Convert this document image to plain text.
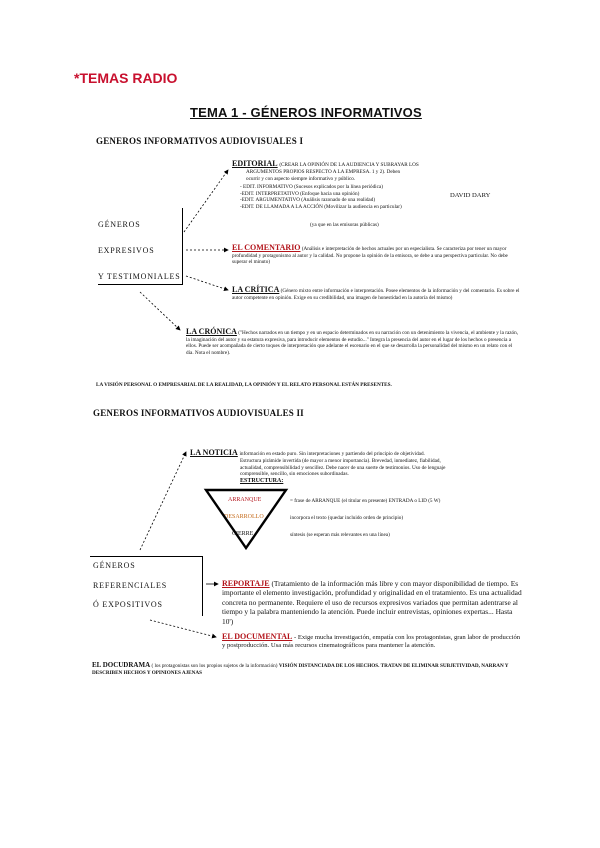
*TEMAS RADIO
TEMA 1 - GÉNEROS INFORMATIVOS
GENEROS INFORMATIVOS AUDIOVISUALES I
GÉNEROS
EXPRESIVOS
Y TESTIMONIALES
EDITORIAL (CREAR LA OPINIÓN DE LA AUDIENCIA Y SUBRAYAR LOS
ARGUMENTOS PROPIOS RESPECTO A LA EMPRESA. 1 y 2). Deben
ocurrir y con aspecto siempre informativo y público.
- EDIT. INFORMATIVO (Sucesos explicados por la línea periódica)
-EDIT. INTERPRETATIVO (Enfoque hacia una opinión)
-EDIT. ARGUMENTATIVO (Análisis razonado de una realidad)
-EDIT. DE LLAMADA A LA ACCIÓN (Movilizar la audiencia en particular)
DAVID DARY
(ya que en las emisoras públicas)
EL COMENTARIO (Análisis e interpretación de hechos actuales por un especialista. Se caracteriza por tener un mayor profundidad y protagonismo al autor y la calidad. No propone la opinión de la emisora, se debe a una perspectiva particular. No debe superar el minuto)
LA CRÍTICA (Género mixto entre información e interpretación. Posee elementos de la información y del comentario. Es sobre el autor competente en opinión. Exige en su credibilidad, una imagen de honestidad en la autoría del mismo)
LA CRÓNICA ("Hechos narrados en un tiempo y en un espacio determinados en su narración con un detenimiento la vivencia, el ambiente y la razón, la imaginación del autor y su estatura expresiva, para introducir elementos de estudio..." Integra la presencia del autor en el lugar de los hechos o presencia a ellos. Puede ser acompañada de cierto toques de interpretación que adelante el escenario en el que se desarrolla la personalidad del mismo en un relato con el día. Nota el nombre).
LA VISIÓN PERSONAL O EMPRESARIAL DE LA REALIDAD, LA OPINIÓN Y EL RELATO PERSONAL ESTÁN PRESENTES.
GENEROS INFORMATIVOS AUDIOVISUALES II
LA NOTICIA información en estado puro. Sin interpretaciones y partiendo del principio de objetividad.
Estructura pirámide invertida (de mayor a menor importancia). Brevedad, inmediatez, fiabilidad,
actualidad, comprensibilidad y sencillez. Debe nacer de una suerte de testimonios. Uso de lenguaje
comprensible, sencillo, sin emociones subordinadas.
ESTRUCTURA:
ARRANQUE
DESARROLLO
CIERRE
= frase de ARRANQUE (el titular en presente) ENTRADA o LID (5 W)
incorpora el texto (quedar incluido orden de principio)
síntesis (se esperan más relevantes en una línea)
GÉNEROS
REFERENCIALES
Ó EXPOSITIVOS
REPORTAJE (Tratamiento de la información más libre y con mayor disponibilidad de tiempo. Es importante el elemento investigación, profundidad y originalidad en el tratamiento. Es una actualidad concreta no permanente. Requiere el uso de recursos expresivos variados que permitan adentrarse al tiempo y la palabra manteniendo la atención. Puede incluir entrevistas, opiniones expertas... Hasta 10')
EL DOCUMENTAL - Exige mucha investigación, empatía con los protagonistas, gran labor de producción y postproducción. Usa más recursos cinematográficos para mantener la atención.
EL DOCUDRAMA ( los protagonistas son los propios sujetos de la información) VISIÓN DISTANCIADA DE LOS HECHOS. TRATAN DE ELIMINAR SUBJETIVIDAD, NARRAN Y DESCRIBEN HECHOS Y OPINIONES AJENAS
